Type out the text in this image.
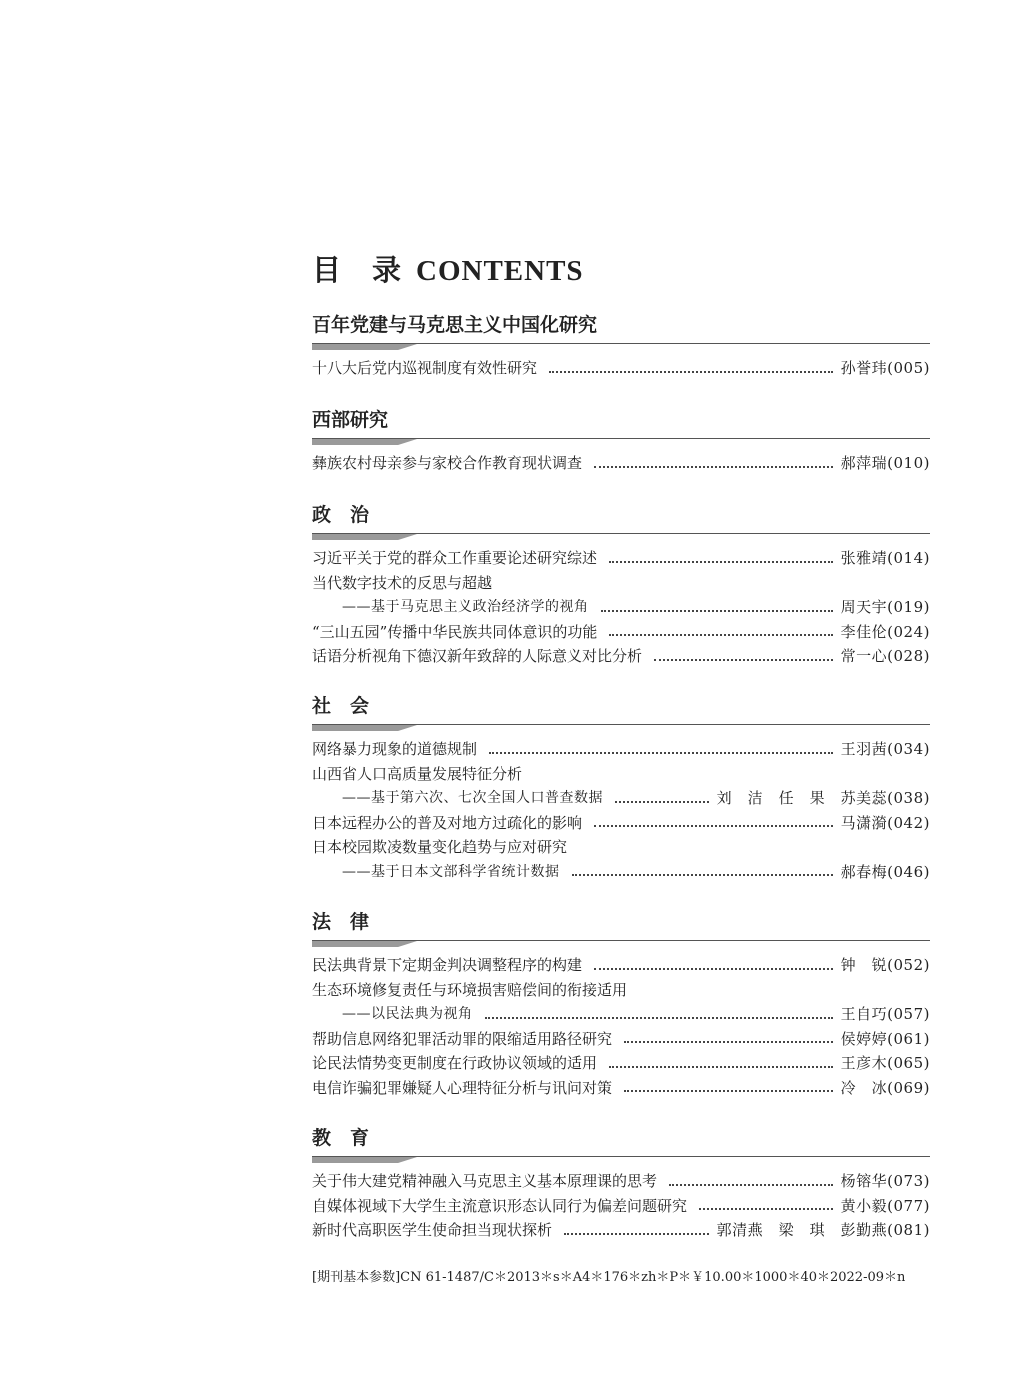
目　录 CONTENTS
百年党建与马克思主义中国化研究
十八大后党内巡视制度有效性研究	孙誉玮(005)
西部研究
彝族农村母亲参与家校合作教育现状调查	郝萍瑞(010)
政　治
习近平关于党的群众工作重要论述研究综述	张雅靖(014)
当代数字技术的反思与超越
——基于马克思主义政治经济学的视角	周天宇(019)
“三山五园”传播中华民族共同体意识的功能	李佳伦(024)
话语分析视角下德汉新年致辞的人际意义对比分析	常一心(028)
社　会
网络暴力现象的道德规制	王羽茜(034)
山西省人口高质量发展特征分析
——基于第六次、七次全国人口普查数据	刘　洁　任　果　苏美蕊(038)
日本远程办公的普及对地方过疏化的影响	马潇漪(042)
日本校园欺凌数量变化趋势与应对研究
——基于日本文部科学省统计数据	郝春梅(046)
法　律
民法典背景下定期金判决调整程序的构建	钟　锐(052)
生态环境修复责任与环境损害赔偿间的衔接适用
——以民法典为视角	王自巧(057)
帮助信息网络犯罪活动罪的限缩适用路径研究	侯婷婷(061)
论民法情势变更制度在行政协议领域的适用	王彦木(065)
电信诈骗犯罪嫌疑人心理特征分析与讯问对策	冷　冰(069)
教　育
关于伟大建党精神融入马克思主义基本原理课的思考	杨镕华(073)
自媒体视域下大学生主流意识形态认同行为偏差问题研究	黄小毅(077)
新时代高职医学生使命担当现状探析	郭清燕　梁　琪　彭勤燕(081)
[期刊基本参数]CN 61-1487/C＊2013＊s＊A4＊176＊zh＊P＊￥10.00＊1000＊40＊2022-09＊n
